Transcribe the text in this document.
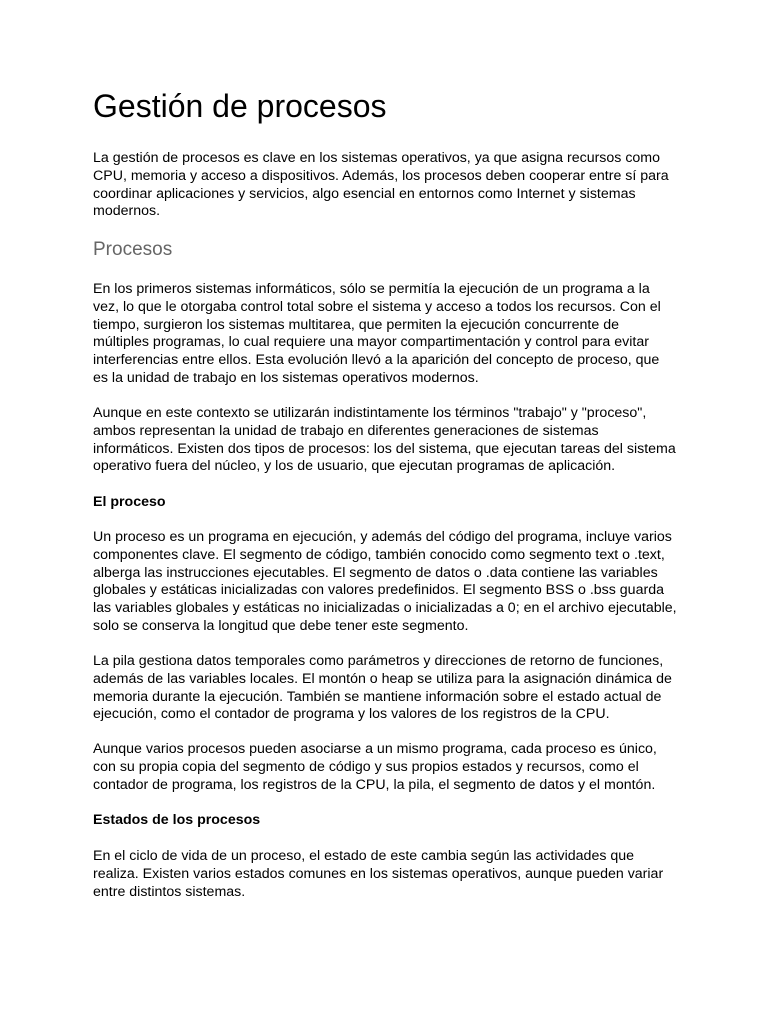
Gestión de procesos

La gestión de procesos es clave en los sistemas operativos, ya que asigna recursos como CPU, memoria y acceso a dispositivos. Además, los procesos deben cooperar entre sí para coordinar aplicaciones y servicios, algo esencial en entornos como Internet y sistemas modernos.

Procesos

En los primeros sistemas informáticos, sólo se permitía la ejecución de un programa a la vez, lo que le otorgaba control total sobre el sistema y acceso a todos los recursos. Con el tiempo, surgieron los sistemas multitarea, que permiten la ejecución concurrente de múltiples programas, lo cual requiere una mayor compartimentación y control para evitar interferencias entre ellos. Esta evolución llevó a la aparición del concepto de proceso, que es la unidad de trabajo en los sistemas operativos modernos.

Aunque en este contexto se utilizarán indistintamente los términos "trabajo" y "proceso", ambos representan la unidad de trabajo en diferentes generaciones de sistemas informáticos. Existen dos tipos de procesos: los del sistema, que ejecutan tareas del sistema operativo fuera del núcleo, y los de usuario, que ejecutan programas de aplicación.

El proceso

Un proceso es un programa en ejecución, y además del código del programa, incluye varios componentes clave. El segmento de código, también conocido como segmento text o .text, alberga las instrucciones ejecutables. El segmento de datos o .data contiene las variables globales y estáticas inicializadas con valores predefinidos. El segmento BSS o .bss guarda las variables globales y estáticas no inicializadas o inicializadas a 0; en el archivo ejecutable, solo se conserva la longitud que debe tener este segmento.

La pila gestiona datos temporales como parámetros y direcciones de retorno de funciones, además de las variables locales. El montón o heap se utiliza para la asignación dinámica de memoria durante la ejecución. También se mantiene información sobre el estado actual de ejecución, como el contador de programa y los valores de los registros de la CPU.

Aunque varios procesos pueden asociarse a un mismo programa, cada proceso es único, con su propia copia del segmento de código y sus propios estados y recursos, como el contador de programa, los registros de la CPU, la pila, el segmento de datos y el montón.

Estados de los procesos

En el ciclo de vida de un proceso, el estado de este cambia según las actividades que realiza. Existen varios estados comunes en los sistemas operativos, aunque pueden variar entre distintos sistemas.
